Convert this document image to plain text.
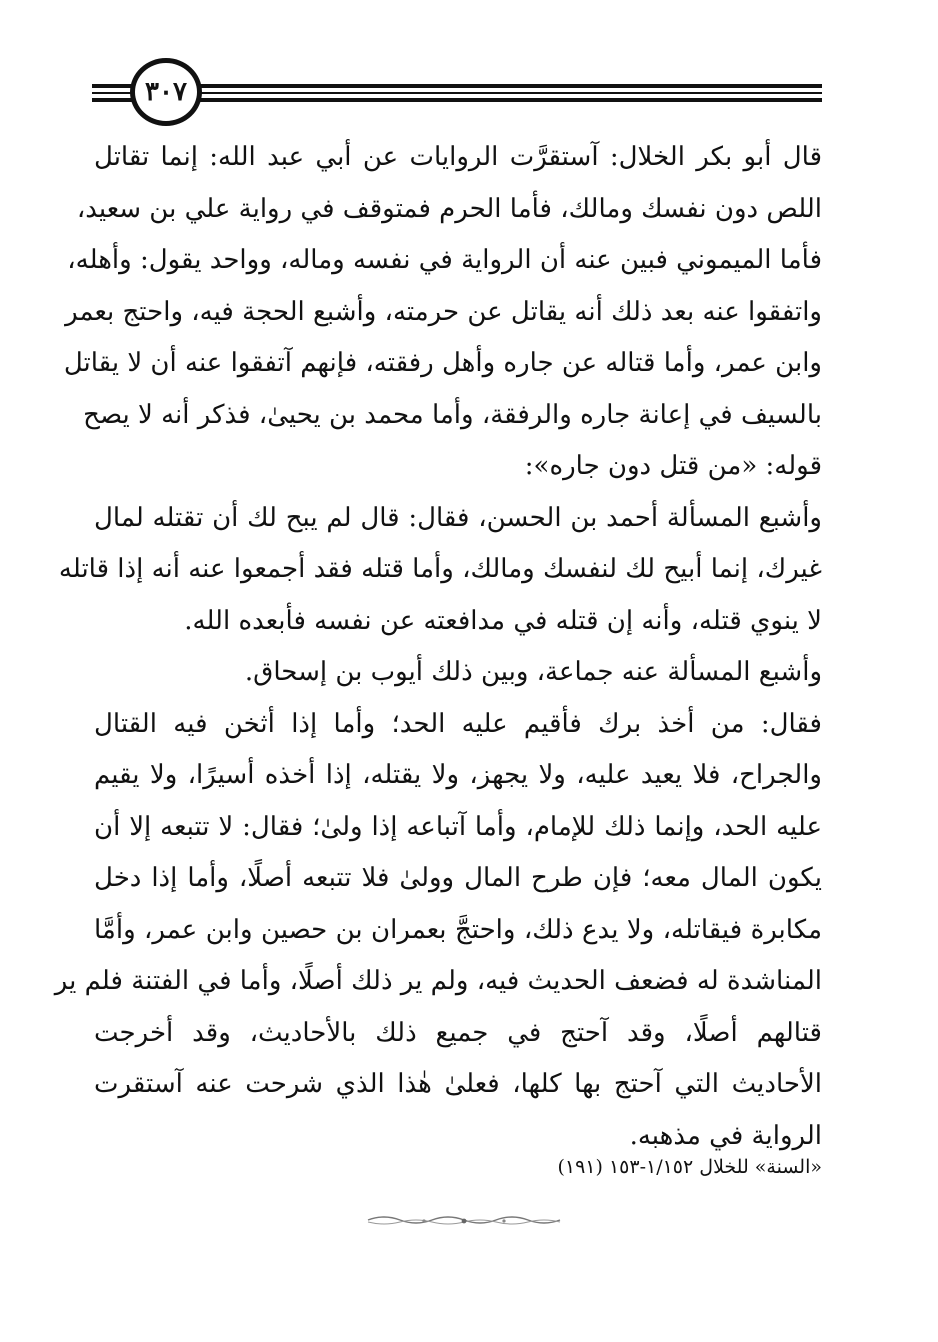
٣٠٧
قال أبو بكر الخلال: آستقرَّت الروايات عن أبي عبد الله: إنما تقاتل
اللص دون نفسك ومالك، فأما الحرم فمتوقف في رواية علي بن سعيد،
فأما الميموني فبين عنه أن الرواية في نفسه وماله، وواحد يقول: وأهله،
واتفقوا عنه بعد ذلك أنه يقاتل عن حرمته، وأشبع الحجة فيه، واحتج بعمر
وابن عمر، وأما قتاله عن جاره وأهل رفقته، فإنهم آتفقوا عنه أن لا يقاتل
بالسيف في إعانة جاره والرفقة، وأما محمد بن يحيىٰ، فذكر أنه لا يصح
قوله: «من قتل دون جاره»:
وأشبع المسألة أحمد بن الحسن، فقال: قال لم يبح لك أن تقتله لمال
غيرك، إنما أبيح لك لنفسك ومالك، وأما قتله فقد أجمعوا عنه أنه إذا قاتله
لا ينوي قتله، وأنه إن قتله في مدافعته عن نفسه فأبعده الله.
وأشبع المسألة عنه جماعة، وبين ذلك أيوب بن إسحاق.
فقال: من أخذ برك فأقيم عليه الحد؛ وأما إذا أثخن فيه القتال
والجراح، فلا يعيد عليه، ولا يجهز، ولا يقتله، إذا أخذه أسيرًا، ولا يقيم
عليه الحد، وإنما ذلك للإمام، وأما آتباعه إذا ولىٰ؛ فقال: لا تتبعه إلا أن
يكون المال معه؛ فإن طرح المال وولىٰ فلا تتبعه أصلًا، وأما إذا دخل
مكابرة فيقاتله، ولا يدع ذلك، واحتجَّ بعمران بن حصين وابن عمر، وأمَّا
المناشدة له فضعف الحديث فيه، ولم ير ذلك أصلًا، وأما في الفتنة فلم ير
قتالهم أصلًا، وقد آحتج في جميع ذلك بالأحاديث، وقد أخرجت
الأحاديث التي آحتج بها كلها، فعلىٰ هٰذا الذي شرحت عنه آستقرت
الرواية في مذهبه.
«السنة» للخلال ١/١٥٢-١٥٣ (١٩١)
